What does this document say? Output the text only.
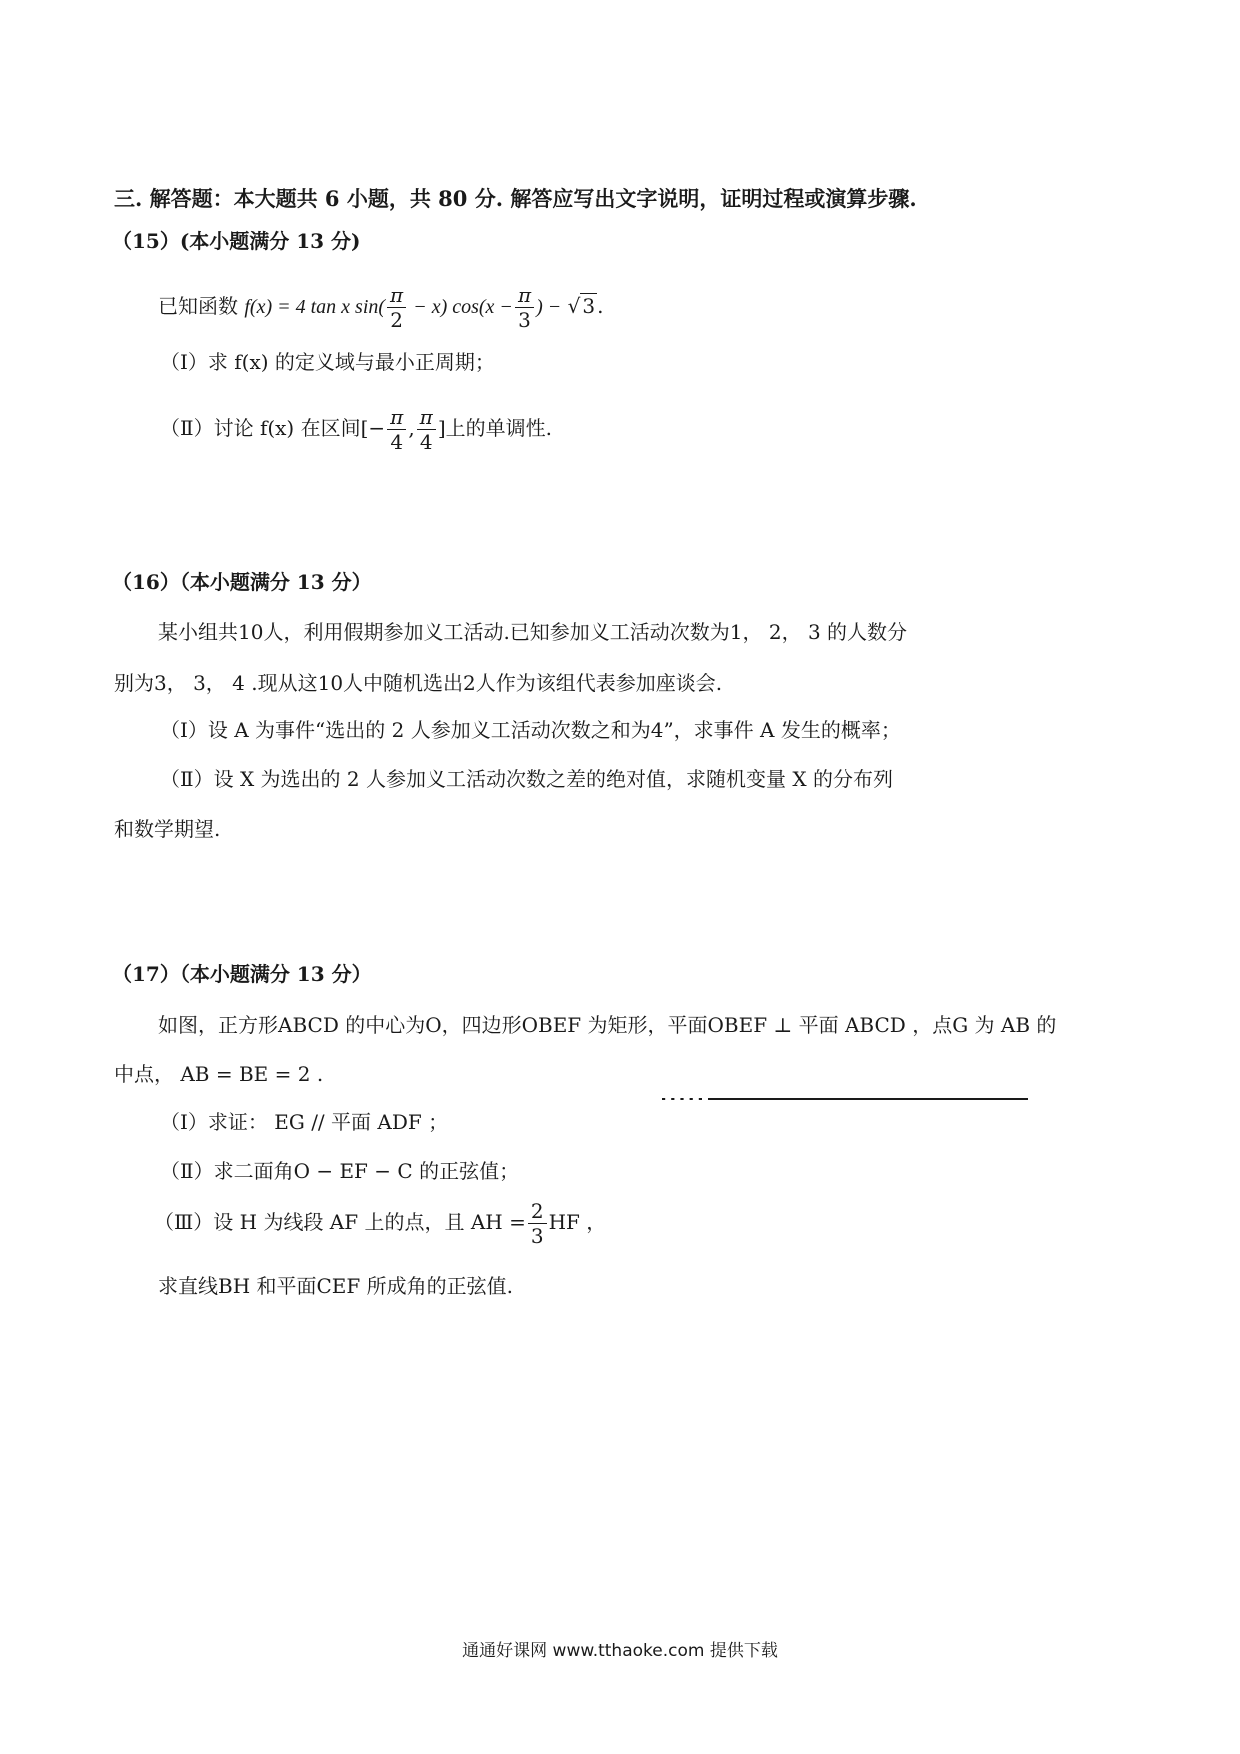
三. 解答题：本大题共 6 小题，共 80 分. 解答应写出文字说明，证明过程或演算步骤.
（15）(本小题满分 13 分)
已知函数 f(x) = 4 tan x $\sin( \frac{\pi}{2} - x)$ $\cos(x - \frac{\pi}{3}$ ) − √ 3 .
（Ⅰ）求 f(x) 的定义域与最小正周期；
（Ⅱ）讨论 f(x) 在区间[− $\frac{\pi}{4}$ , $\frac{\pi}{4}$ ]上的单调性.
（16）（本小题满分 13 分）
某小组共10人，利用假期参加义工活动.已知参加义工活动次数为1， 2， 3 的人数分
别为3， 3， 4 .现从这10人中随机选出2人作为该组代表参加座谈会.
（Ⅰ）设 A 为事件“选出的 2 人参加义工活动次数之和为4”，求事件 A 发生的概率；
（Ⅱ）设 X 为选出的 2 人参加义工活动次数之差的绝对值，求随机变量 X 的分布列
和数学期望.
（17）（本小题满分 13 分）
如图，正方形ABCD 的中心为O，四边形OBEF 为矩形，平面OBEF ⊥ 平面 ABCD ，点G 为 AB 的
中点， AB = BE = 2 .
（Ⅰ）求证： EG // 平面 ADF ；
（Ⅱ）求二面角O − EF − C 的正弦值；
（Ⅲ）设 H 为线段 AF 上的点，且 AH = $\frac{2}{3}$ HF ，
求直线BH 和平面CEF 所成角的正弦值.
通通好课网 www.tthaoke.com 提供下载
